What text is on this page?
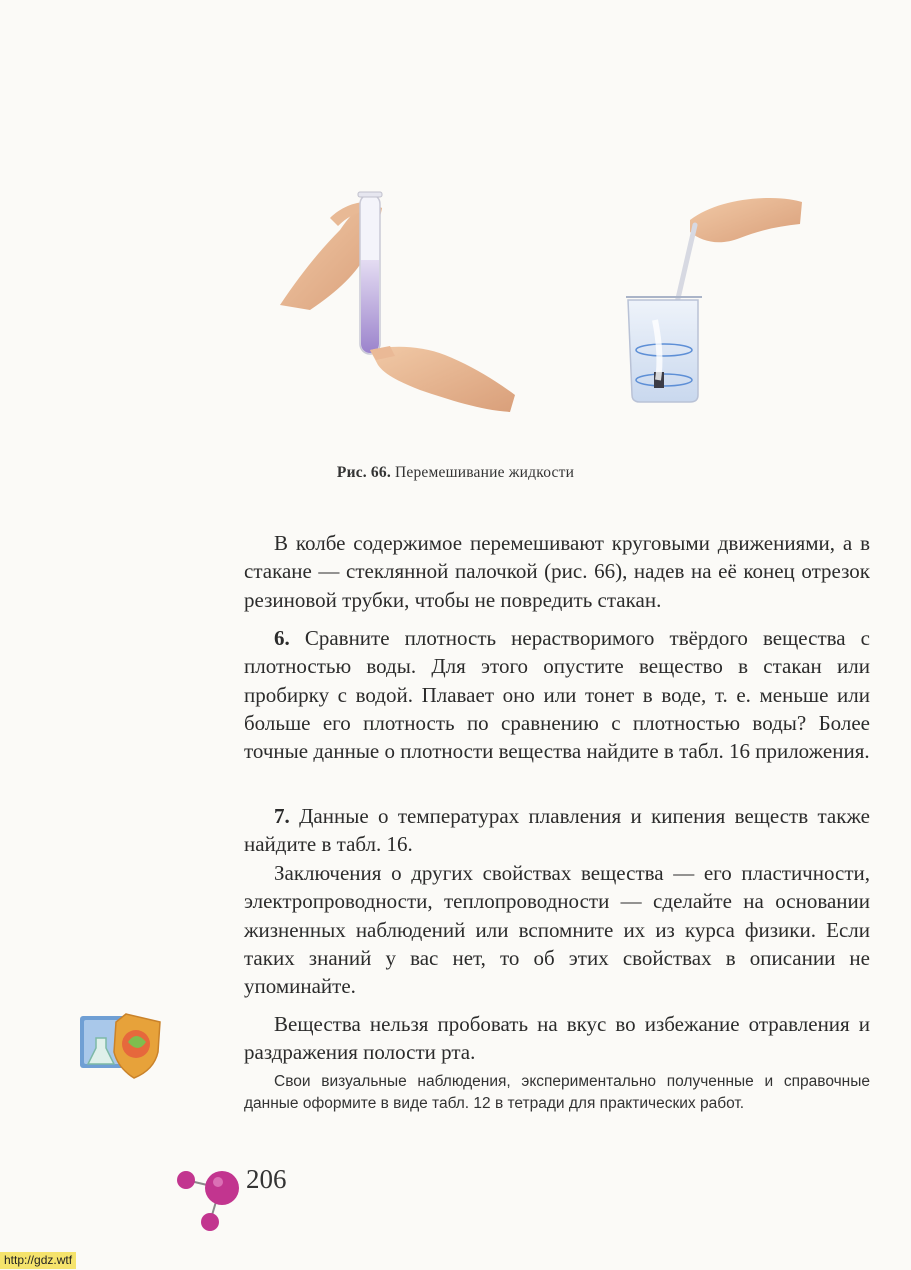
Рис. 66. Перемешивание жидкости

В колбе содержимое перемешивают круговыми движениями, а в стакане — стеклянной палочкой (рис. 66), надев на её конец отрезок резиновой трубки, чтобы не повредить стакан.

6. Сравните плотность нерастворимого твёрдого вещества с плотностью воды. Для этого опустите вещество в стакан или пробирку с водой. Плавает оно или тонет в воде, т. е. меньше или больше его плотность по сравнению с плотностью воды? Более точные данные о плотности вещества найдите в табл. 16 приложения.

7. Данные о температурах плавления и кипения веществ также найдите в табл. 16.

Заключения о других свойствах вещества — его пластичности, электропроводности, теплопроводности — сделайте на основании жизненных наблюдений или вспомните их из курса физики. Если таких знаний у вас нет, то об этих свойствах в описании не упоминайте.

Вещества нельзя пробовать на вкус во избежание отравления и раздражения полости рта.

Свои визуальные наблюдения, экспериментально полученные и справочные данные оформите в виде табл. 12 в тетради для практических работ.

206
http://gdz.wtf
